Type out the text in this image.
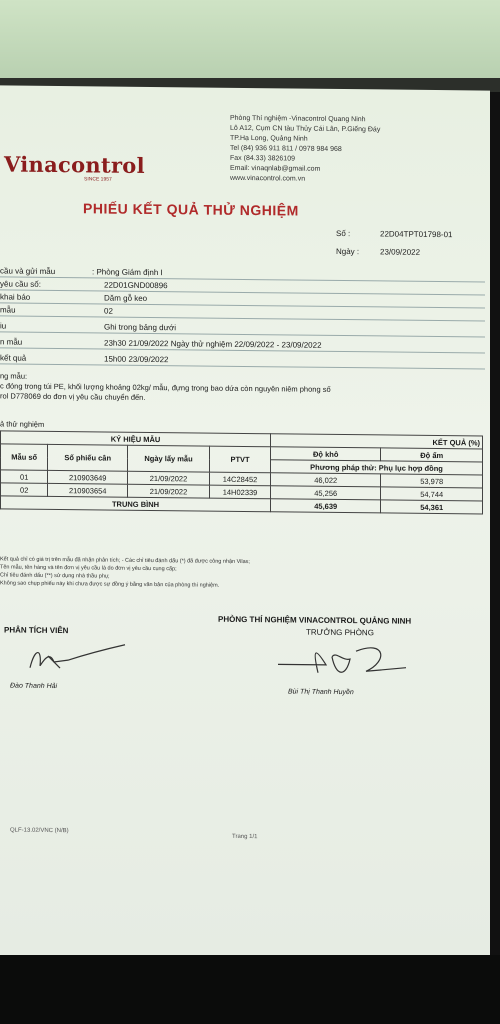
Phòng Thí nghiệm -Vinacontrol Quang Ninh
Lô A12, Cụm CN tàu Thủy Cái Lân, P.Giếng Đáy
TP.Hạ Long, Quảng Ninh
Tel (84) 936 911 811 / 0978 984 968
Fax (84.33) 3826109
Email: vinaqnlab@gmail.com
www.vinacontrol.com.vn
Vinacontrol
SINCE 1957
PHIẾU KẾT QUẢ THỬ NGHIỆM
Số :	22D04TPT01798-01
Ngày :	23/09/2022
cầu và gửi mẫu	: Phòng Giám định I
yêu cầu số:	22D01GND00896
khai báo	Dăm gỗ keo
mẫu	02
iu	Ghi trong bảng dưới
n mẫu	23h30 21/09/2022 Ngày thử nghiệm 22/09/2022 - 23/09/2022
kết quả	15h00 23/09/2022
ng mẫu:
c đóng trong túi PE, khối lượng khoảng 02kg/ mẫu, đựng trong bao dứa còn nguyên niêm phong số
rol D778069 do đơn vị yêu cầu chuyển đến.
ả thử nghiệm
KÝ HIỆU MẪU				KẾT QUẢ (%)	
Mẫu số	Số phiếu cân	Ngày lấy mẫu	PTVT	Độ khô	Độ ẩm
				Phương pháp thử: Phụ lục hợp đồng	
01	210903649	21/09/2022	14C28452	46,022	53,978
02	210903654	21/09/2022	14H02339	45,256	54,744
TRUNG BÌNH				45,639	54,361
Kết quả chỉ có giá trị trên mẫu đã nhận phân tích; - Các chỉ tiêu đánh dấu (*) đã được công nhận Vilas;
Tên mẫu, tên hàng và tên đơn vị yêu cầu là do đơn vị yêu cầu cung cấp;
Chỉ tiêu đánh dấu (**) sử dụng nhà thầu phụ;
Không sao chụp phiếu này khi chưa được sự đồng ý bằng văn bản của phòng thí nghiệm.
PHÂN TÍCH VIÊN
PHÒNG THÍ NGHIỆM VINACONTROL QUẢNG NINH
TRƯỞNG PHÒNG
Đào Thanh Hải
Bùi Thị Thanh Huyền
QLF-13.02/VNC (N/B)
Trang 1/1
